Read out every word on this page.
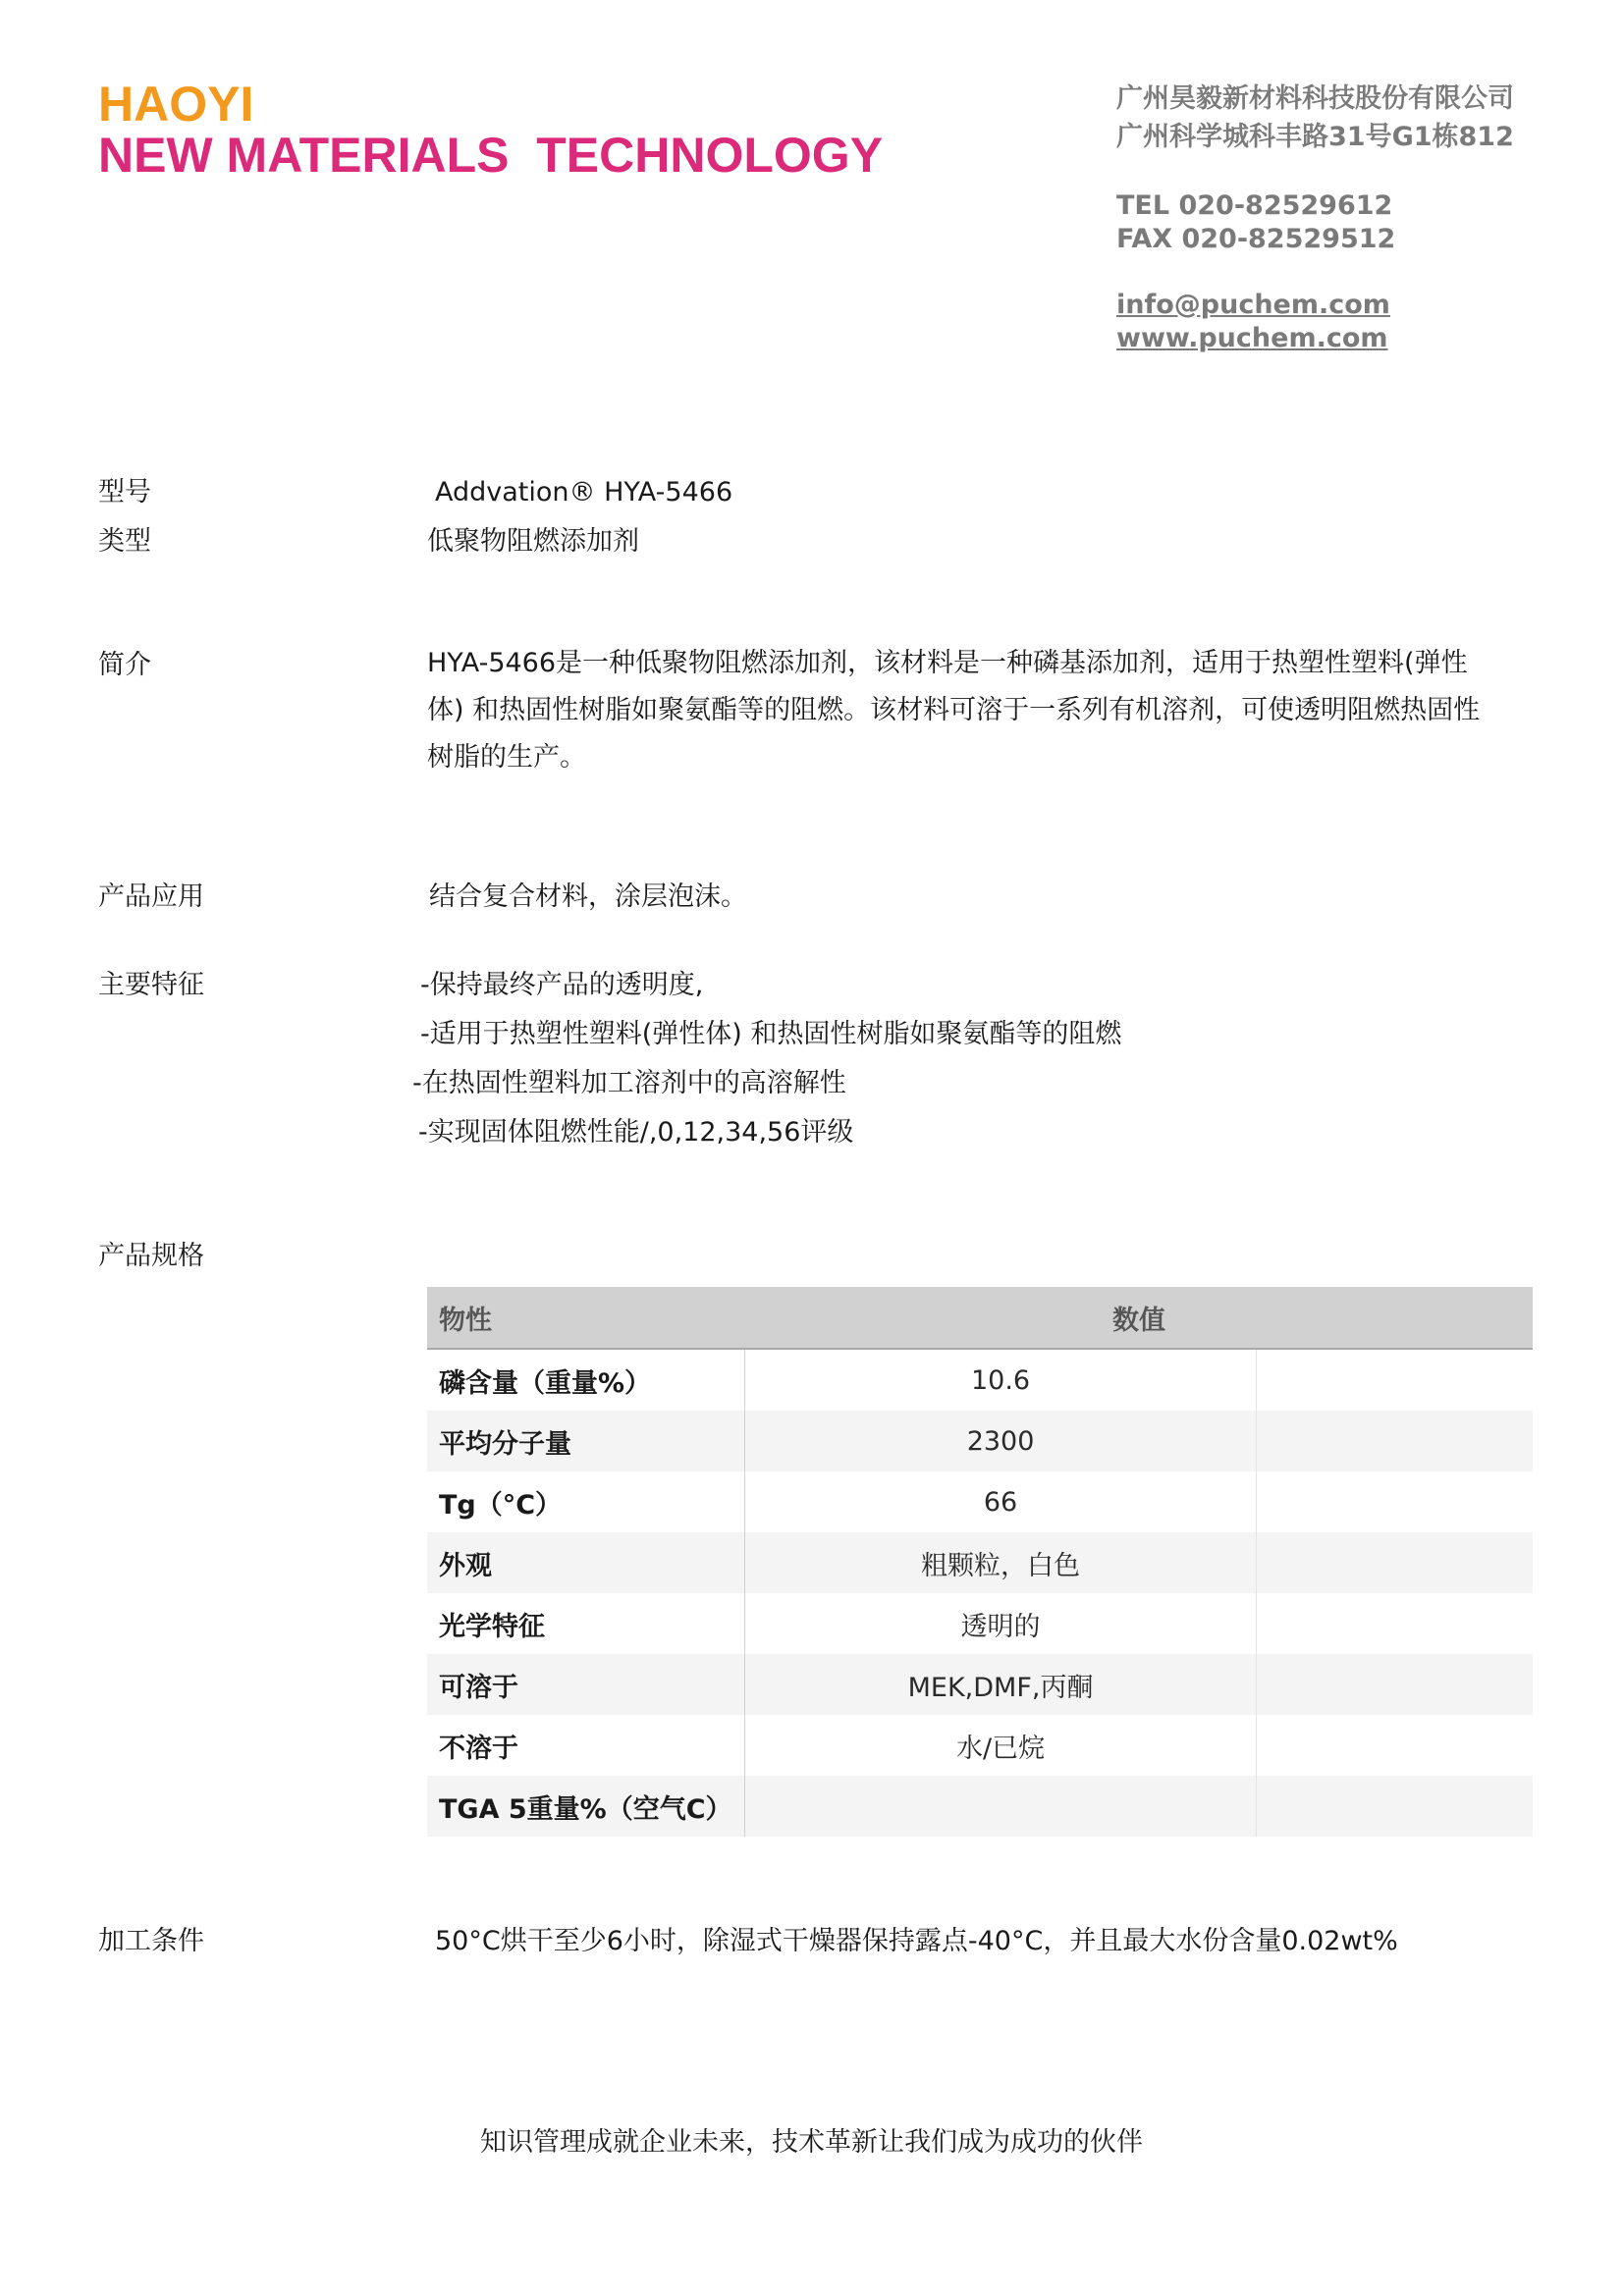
HAOYI
NEW MATERIALS  TECHNOLOGY
广州昊毅新材料科技股份有限公司
广州科学城科丰路31号G1栋812
TEL 020-82529612
FAX 020-82529512
info@puchem.com
www.puchem.com
型号	Addvation® HYA-5466
类型	低聚物阻燃添加剂
简介	HYA-5466是一种低聚物阻燃添加剂，该材料是一种磷基添加剂，适用于热塑性塑料(弹性
体) 和热固性树脂如聚氨酯等的阻燃。该材料可溶于一系列有机溶剂，可使透明阻燃热固性
树脂的生产。
产品应用	结合复合材料，涂层泡沫。
主要特征	-保持最终产品的透明度,
-适用于热塑性塑料(弹性体) 和热固性树脂如聚氨酯等的阻燃
-在热固性塑料加工溶剂中的高溶解性
-实现固体阻燃性能/,0,12,34,56评级
产品规格
物性	数值	
磷含量（重量%）	10.6	
平均分子量	2300	
Tg（°C）	66	
外观	粗颗粒，白色	
光学特征	透明的	
可溶于	MEK,DMF,丙酮	
不溶于	水/已烷	
TGA 5重量%（空气C）		
加工条件	50°C烘干至少6小时，除湿式干燥器保持露点-40°C，并且最大水份含量0.02wt%
知识管理成就企业未来，技术革新让我们成为成功的伙伴
